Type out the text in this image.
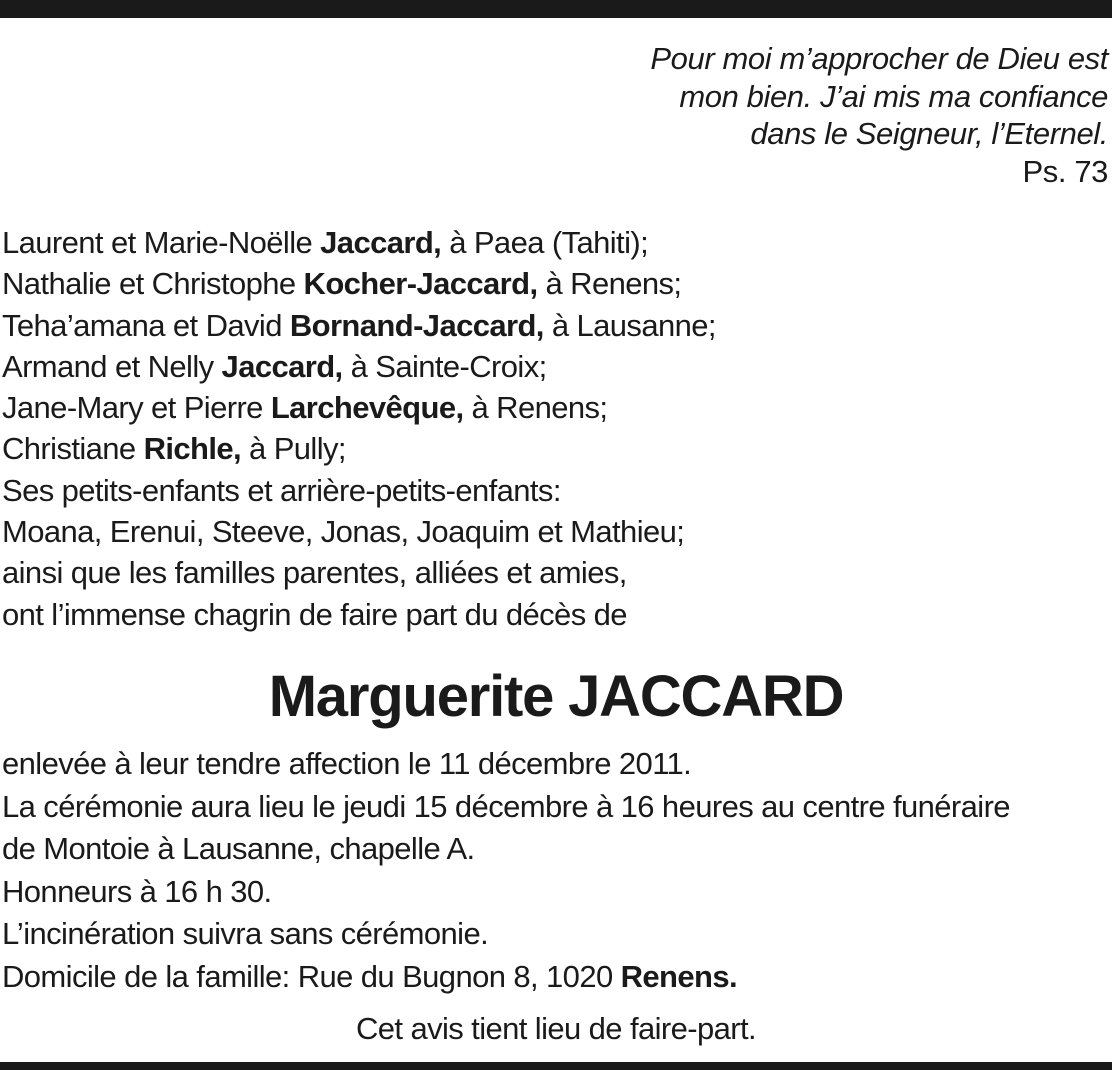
Pour moi m’approcher de Dieu est
mon bien. J’ai mis ma confiance
dans le Seigneur, l’Eternel.
Ps. 73
Laurent et Marie-Noëlle Jaccard, à Paea (Tahiti);
Nathalie et Christophe Kocher-Jaccard, à Renens;
Teha’amana et David Bornand-Jaccard, à Lausanne;
Armand et Nelly Jaccard, à Sainte-Croix;
Jane-Mary et Pierre Larchevêque, à Renens;
Christiane Richle, à Pully;
Ses petits-enfants et arrière-petits-enfants:
Moana, Erenui, Steeve, Jonas, Joaquim et Mathieu;
ainsi que les familles parentes, alliées et amies,
ont l’immense chagrin de faire part du décès de
Marguerite JACCARD
enlevée à leur tendre affection le 11 décembre 2011.
La cérémonie aura lieu le jeudi 15 décembre à 16 heures au centre funéraire
de Montoie à Lausanne, chapelle A.
Honneurs à 16 h 30.
L’incinération suivra sans cérémonie.
Domicile de la famille: Rue du Bugnon 8, 1020 Renens.
Cet avis tient lieu de faire-part.
